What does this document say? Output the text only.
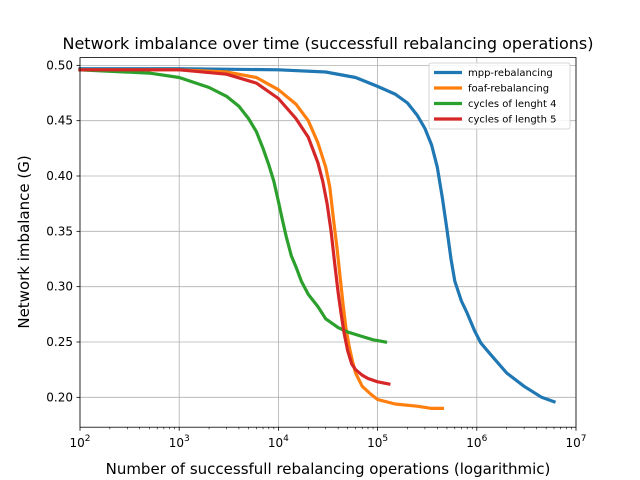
Network imbalance over time (successfull rebalancing operations)
$10^2$	$10^3$	$10^4$	$10^5$	$10^6$	$10^7$
0.20
0.25
0.30
0.35
0.40
0.45
0.50
Number of successfull rebalancing operations (logarithmic)
Network imbalance (G)
mpp-rebalancing
foaf-rebalancing
cycles of lenght 4
cycles of length 5
